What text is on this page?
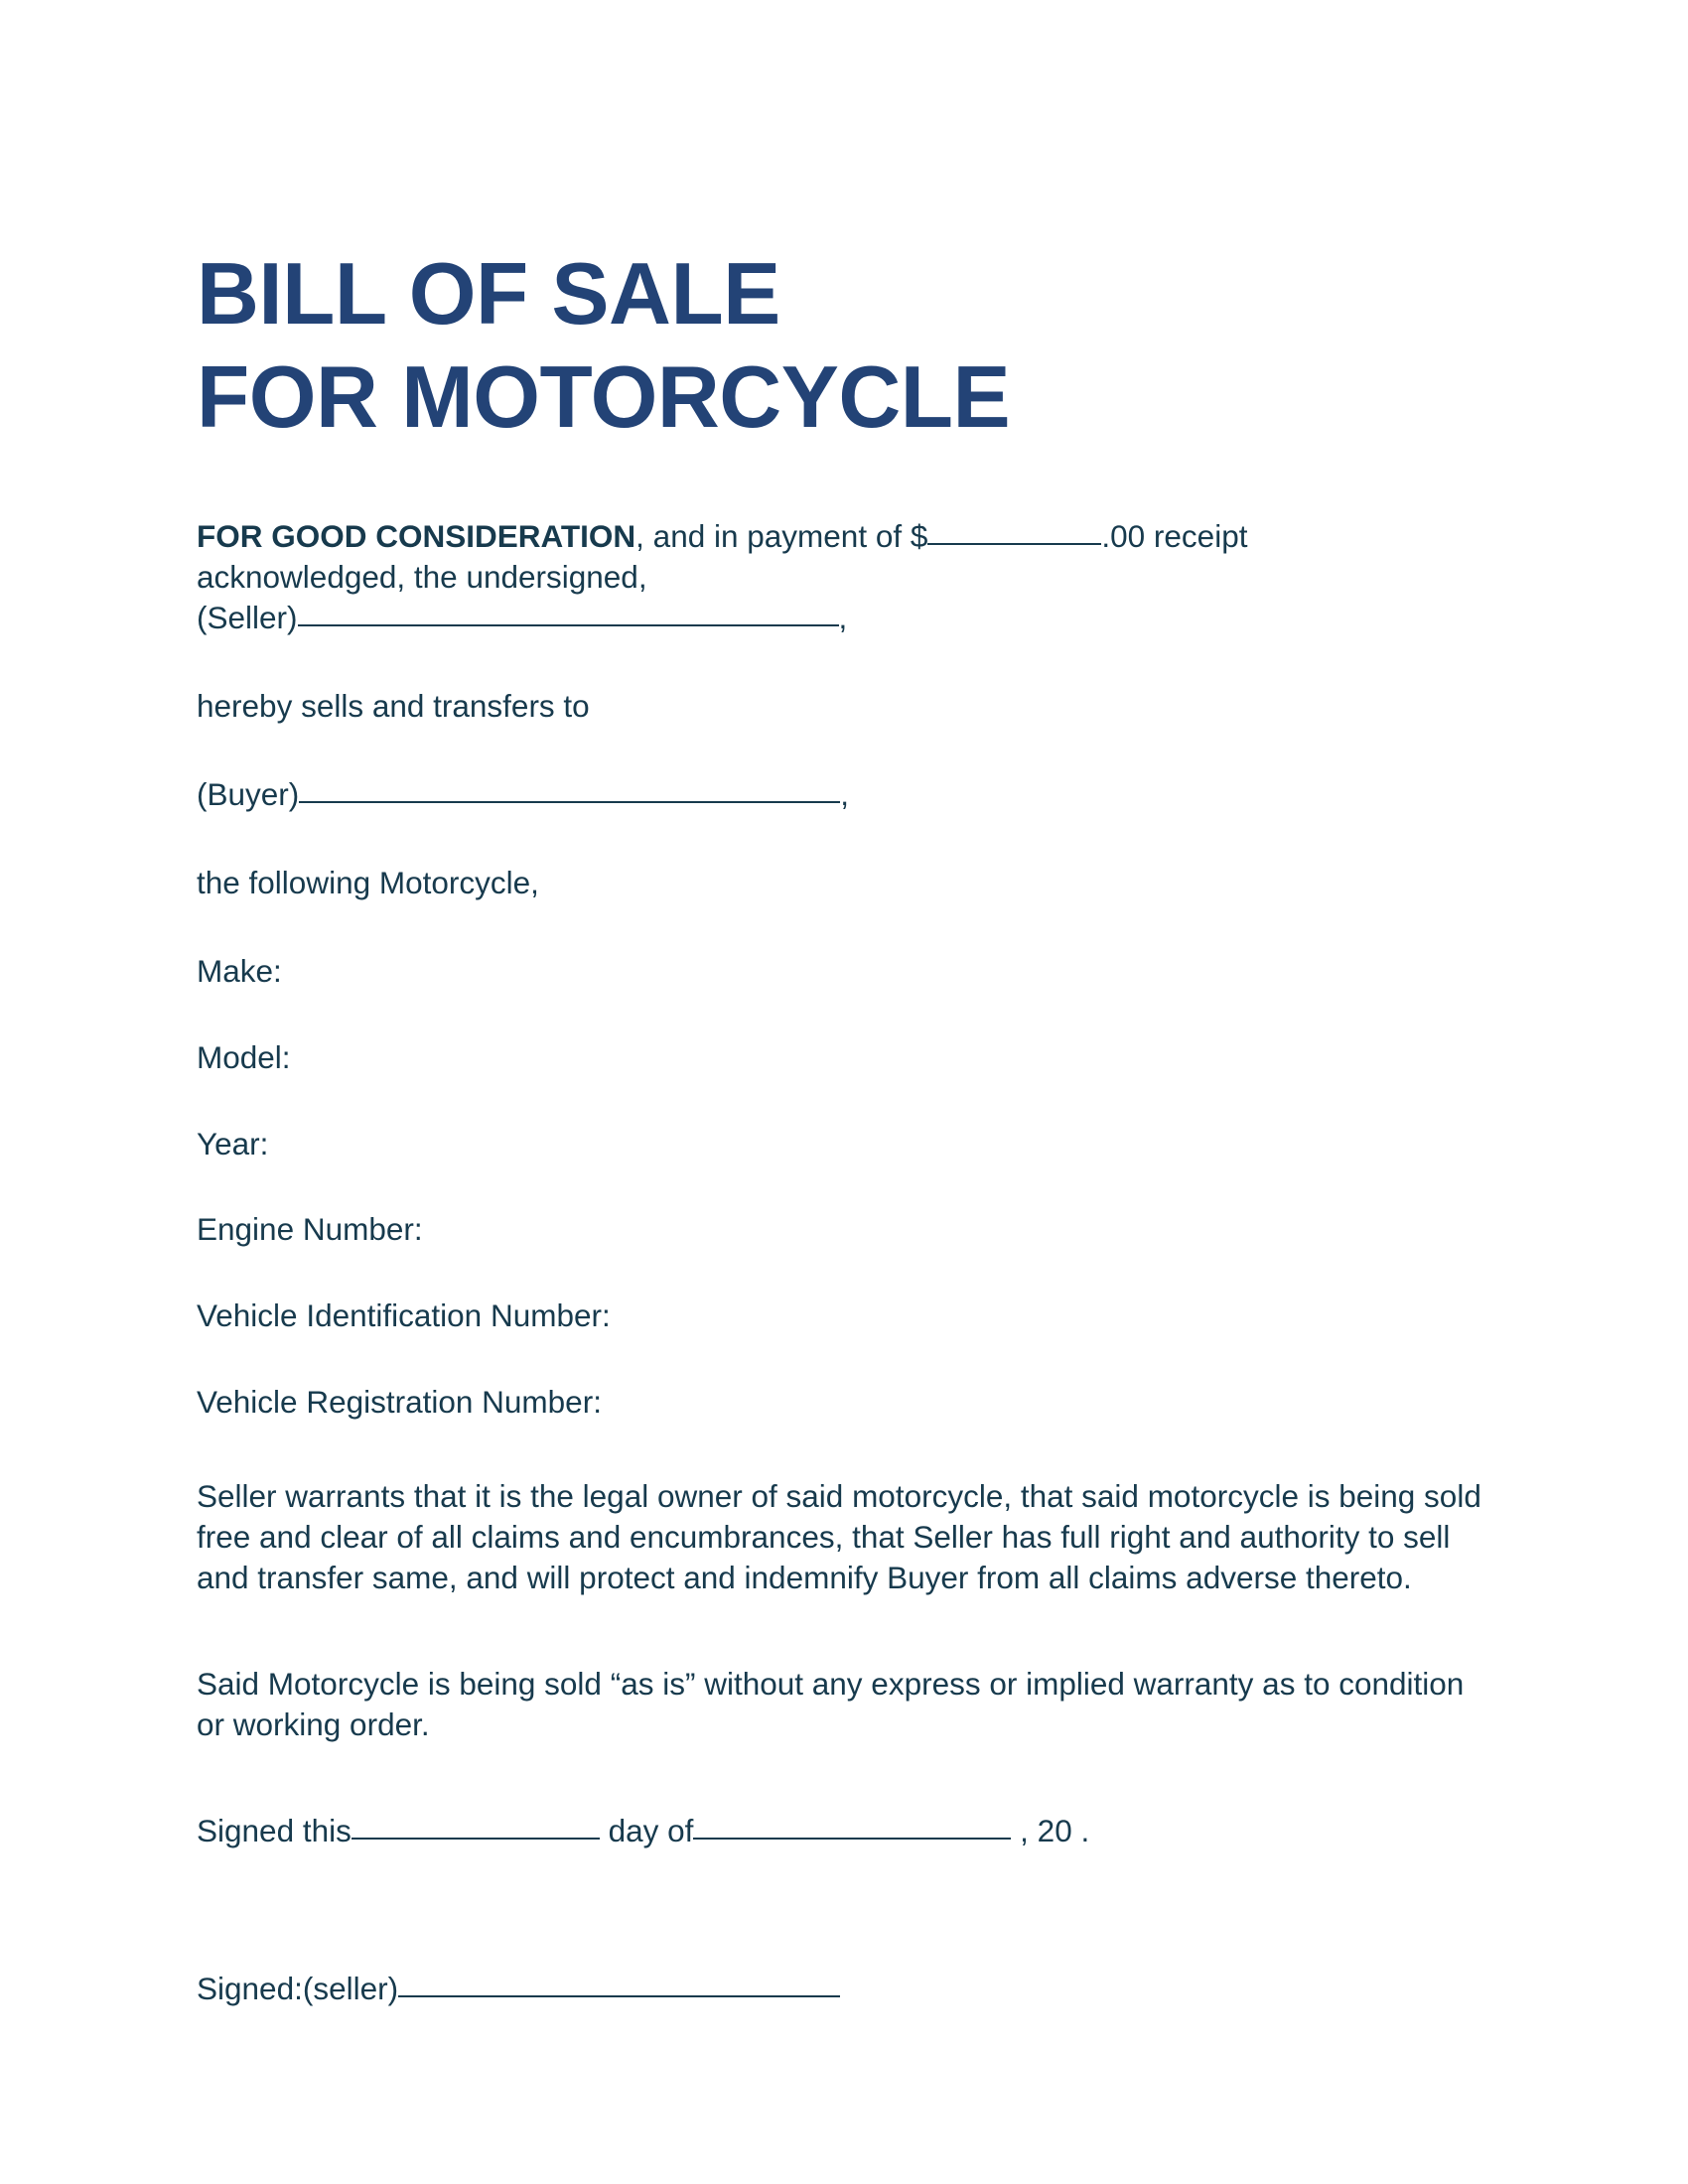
BILL OF SALE
FOR MOTORCYCLE
FOR GOOD CONSIDERATION, and in payment of $	.00 receipt
acknowledged, the undersigned,
(Seller)	,
hereby sells and transfers to
(Buyer)	,
the following Motorcycle,
Make:
Model:
Year:
Engine Number:
Vehicle Identification Number:
Vehicle Registration Number:
Seller warrants that it is the legal owner of said motorcycle, that said motorcycle is being sold free and clear of all claims and encumbrances, that Seller has full right and authority to sell and transfer same, and will protect and indemnify Buyer from all claims adverse thereto.
Said Motorcycle is being sold “as is” without any express or implied warranty as to condition or working order.
Signed this	day of	, 20 .
Signed:(seller)
